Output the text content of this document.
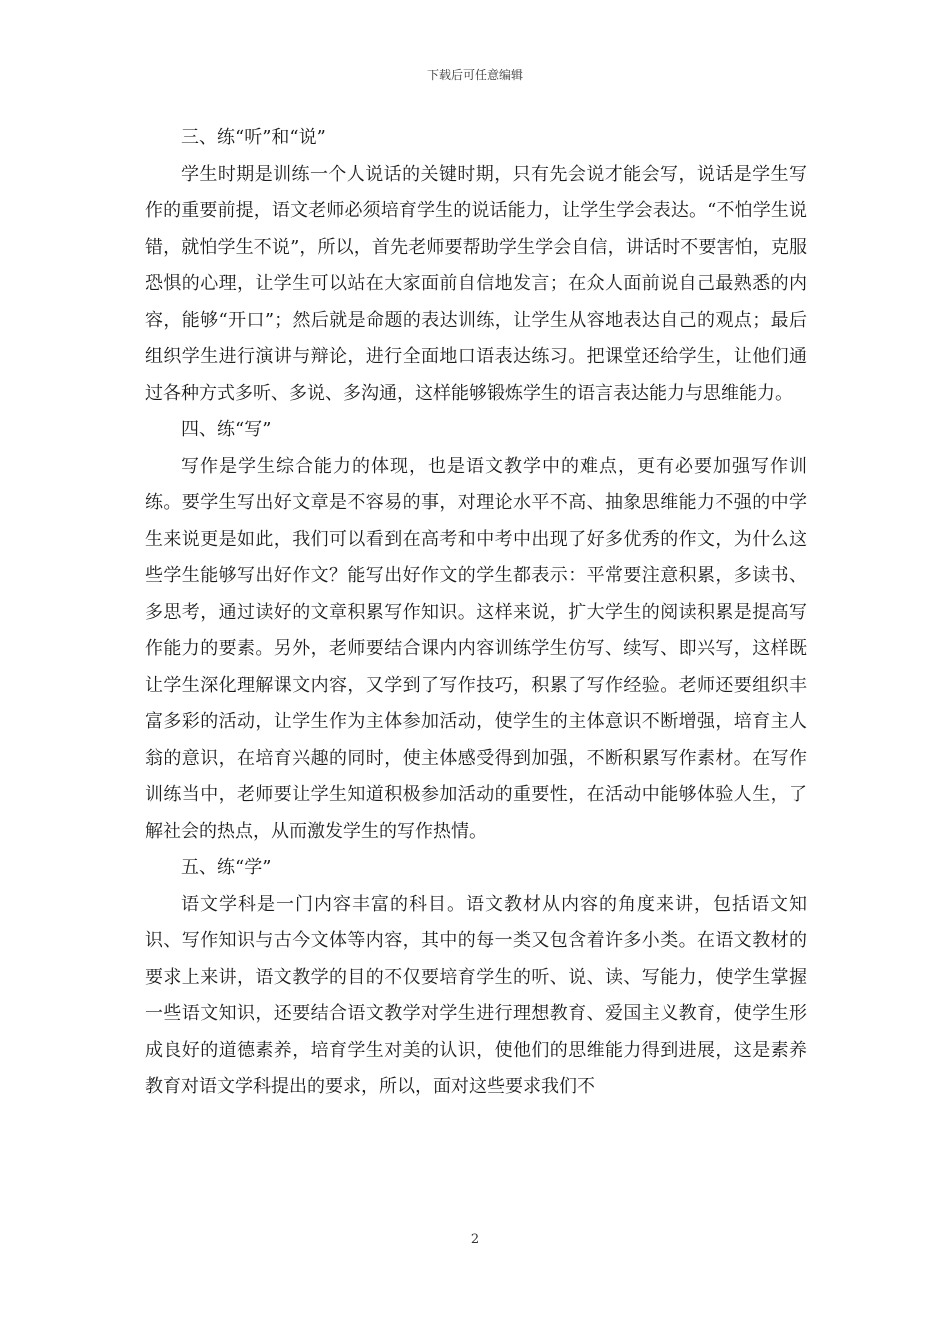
下载后可任意编辑

三、练“听”和“说”

学生时期是训练一个人说话的关键时期，只有先会说才能会写，说话是学生写作的重要前提，语文老师必须培育学生的说话能力，让学生学会表达。“不怕学生说错，就怕学生不说”，所以，首先老师要帮助学生学会自信，讲话时不要害怕，克服恐惧的心理，让学生可以站在大家面前自信地发言；在众人面前说自己最熟悉的内容，能够“开口”；然后就是命题的表达训练，让学生从容地表达自己的观点；最后组织学生进行演讲与辩论，进行全面地口语表达练习。把课堂还给学生，让他们通过各种方式多听、多说、多沟通，这样能够锻炼学生的语言表达能力与思维能力。

四、练“写”

写作是学生综合能力的体现，也是语文教学中的难点，更有必要加强写作训练。要学生写出好文章是不容易的事，对理论水平不高、抽象思维能力不强的中学生来说更是如此，我们可以看到在高考和中考中出现了好多优秀的作文，为什么这些学生能够写出好作文？能写出好作文的学生都表示：平常要注意积累，多读书、多思考，通过读好的文章积累写作知识。这样来说，扩大学生的阅读积累是提高写作能力的要素。另外，老师要结合课内内容训练学生仿写、续写、即兴写，这样既让学生深化理解课文内容，又学到了写作技巧，积累了写作经验。老师还要组织丰富多彩的活动，让学生作为主体参加活动，使学生的主体意识不断增强，培育主人翁的意识，在培育兴趣的同时，使主体感受得到加强，不断积累写作素材。在写作训练当中，老师要让学生知道积极参加活动的重要性，在活动中能够体验人生，了解社会的热点，从而激发学生的写作热情。

五、练“学”

语文学科是一门内容丰富的科目。语文教材从内容的角度来讲，包括语文知识、写作知识与古今文体等内容，其中的每一类又包含着许多小类。在语文教材的要求上来讲，语文教学的目的不仅要培育学生的听、说、读、写能力，使学生掌握一些语文知识，还要结合语文教学对学生进行理想教育、爱国主义教育，使学生形成良好的道德素养，培育学生对美的认识，使他们的思维能力得到进展，这是素养教育对语文学科提出的要求，所以，面对这些要求我们不

2
